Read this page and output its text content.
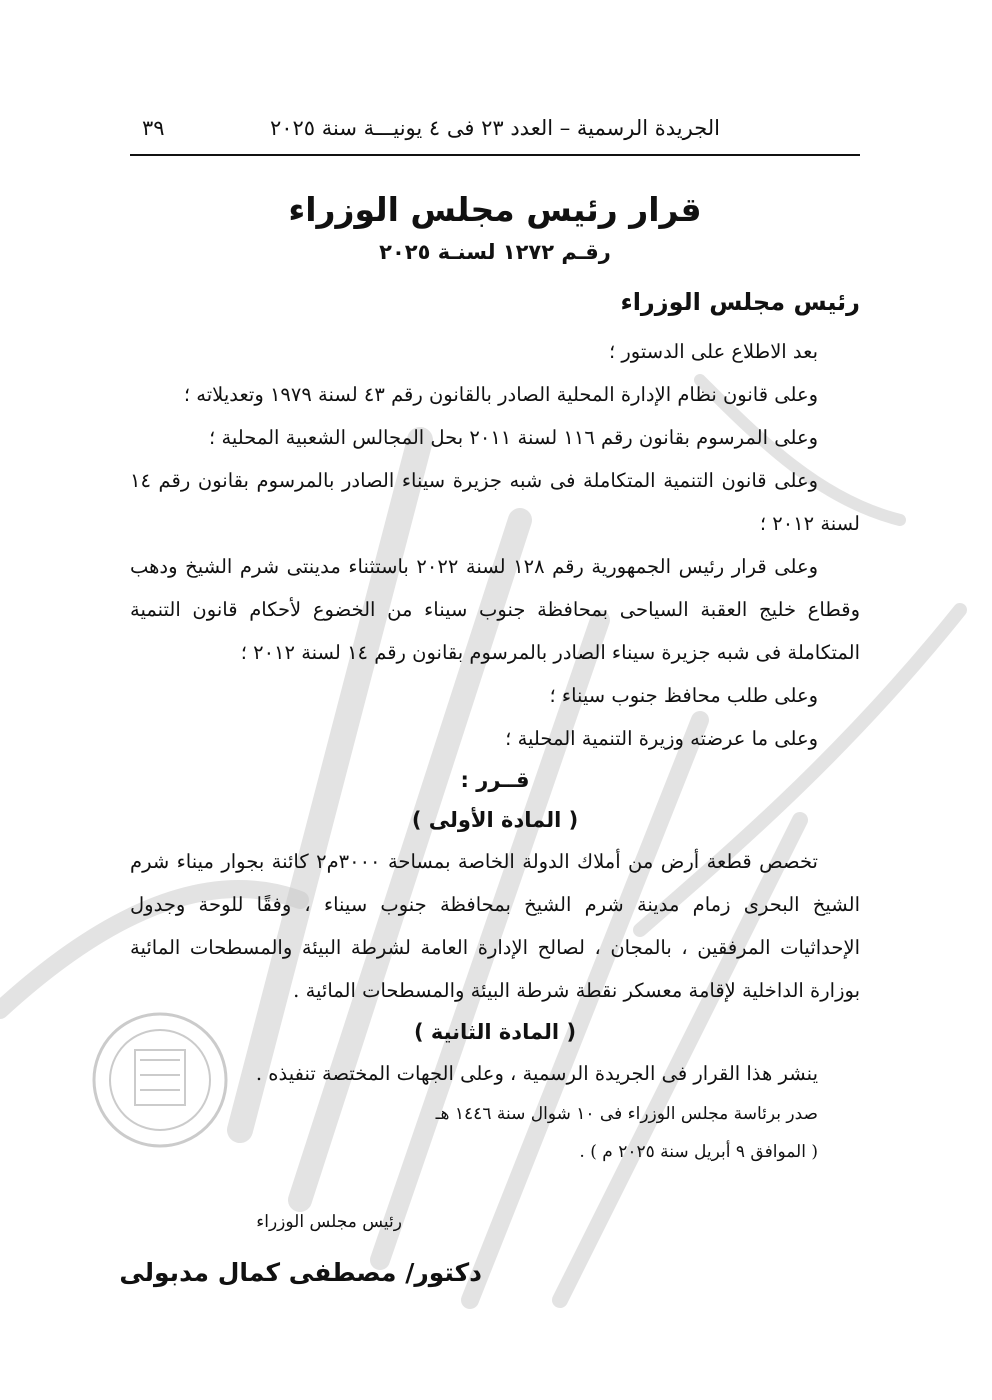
الجريدة الرسمية – العدد ٢٣ فى ٤ يونيـــة سنة ٢٠٢٥
٣٩
قرار رئيس مجلس الوزراء
رقـم ١٢٧٢ لسنـة ٢٠٢٥
رئيس مجلس الوزراء

بعد الاطلاع على الدستور ؛

وعلى قانون نظام الإدارة المحلية الصادر بالقانون رقم ٤٣ لسنة ١٩٧٩ وتعديلاته ؛

وعلى المرسوم بقانون رقم ١١٦ لسنة ٢٠١١ بحل المجالس الشعبية المحلية ؛

وعلى قانون التنمية المتكاملة فى شبه جزيرة سيناء الصادر بالمرسوم بقانون رقم ١٤ لسنة ٢٠١٢ ؛

وعلى قرار رئيس الجمهورية رقم ١٢٨ لسنة ٢٠٢٢ باستثناء مدينتى شرم الشيخ ودهب وقطاع خليج العقبة السياحى بمحافظة جنوب سيناء من الخضوع لأحكام قانون التنمية المتكاملة فى شبه جزيرة سيناء الصادر بالمرسوم بقانون رقم ١٤ لسنة ٢٠١٢ ؛

وعلى طلب محافظ جنوب سيناء ؛

وعلى ما عرضته وزيرة التنمية المحلية ؛

قــرر :

( المادة الأولى )

تخصص قطعة أرض من أملاك الدولة الخاصة بمساحة ٣٠٠٠م٢ كائنة بجوار ميناء شرم الشيخ البحرى زمام مدينة شرم الشيخ بمحافظة جنوب سيناء ، وفقًا للوحة وجدول الإحداثيات المرفقين ، بالمجان ، لصالح الإدارة العامة لشرطة البيئة والمسطحات المائية بوزارة الداخلية لإقامة معسكر نقطة شرطة البيئة والمسطحات المائية .

( المادة الثانية )

ينشر هذا القرار فى الجريدة الرسمية ، وعلى الجهات المختصة تنفيذه .

صدر برئاسة مجلس الوزراء فى ١٠ شوال سنة ١٤٤٦ هـ

( الموافق ٩ أبريل سنة ٢٠٢٥ م ) .

رئيس مجلس الوزراء
دكتور/ مصطفى كمال مدبولى
